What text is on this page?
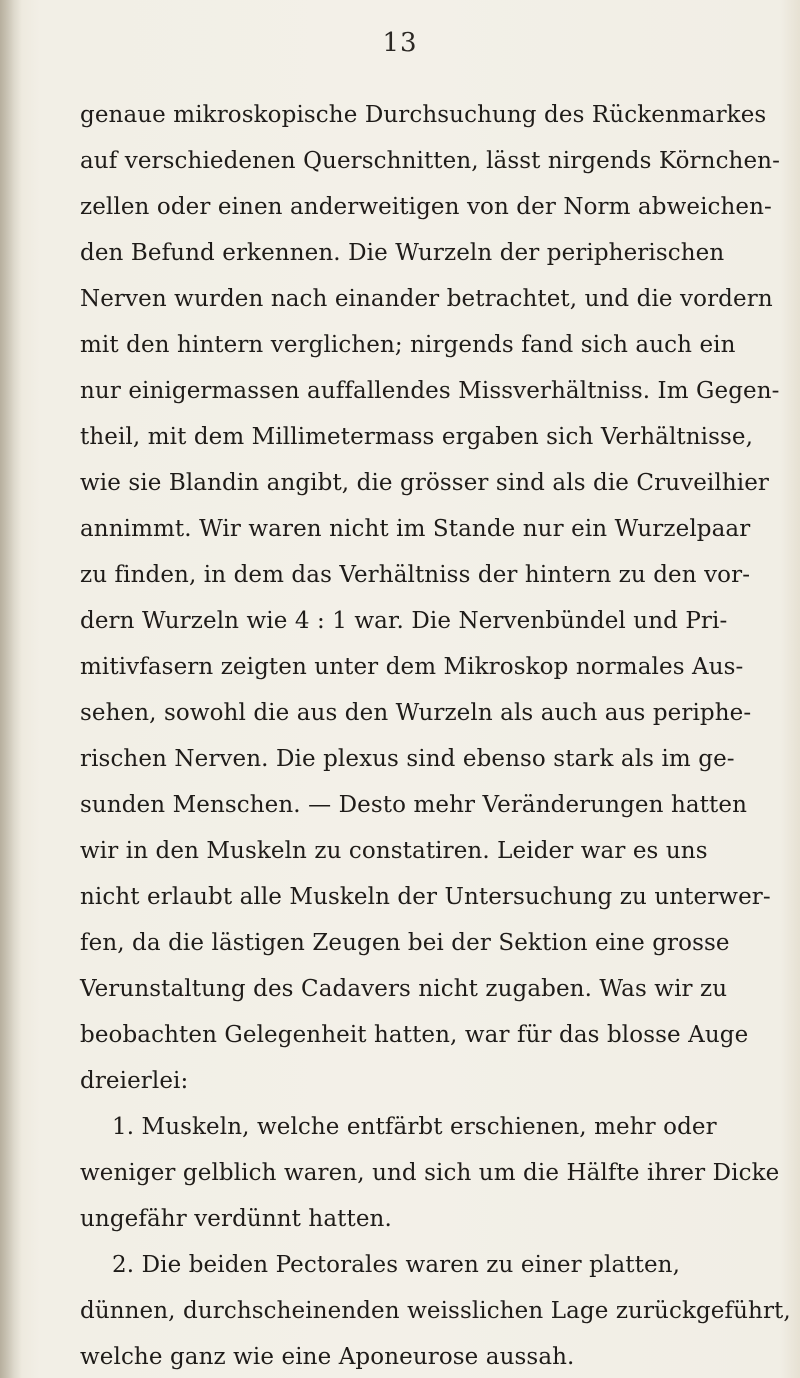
13
genaue mikroskopische Durchsuchung des Rückenmarkes
auf verschiedenen Querschnitten, lässt nirgends Körnchen-
zellen oder einen anderweitigen von der Norm abweichen-
den Befund erkennen. Die Wurzeln der peripherischen
Nerven wurden nach einander betrachtet, und die vordern
mit den hintern verglichen; nirgends fand sich auch ein
nur einigermassen auffallendes Missverhältniss. Im Gegen-
theil, mit dem Millimetermass ergaben sich Verhältnisse,
wie sie Blandin angibt, die grösser sind als die Cruveilhier
annimmt. Wir waren nicht im Stande nur ein Wurzelpaar
zu finden, in dem das Verhältniss der hintern zu den vor-
dern Wurzeln wie 4 : 1 war. Die Nervenbündel und Pri-
mitivfasern zeigten unter dem Mikroskop normales Aus-
sehen, sowohl die aus den Wurzeln als auch aus periphe-
rischen Nerven. Die plexus sind ebenso stark als im ge-
sunden Menschen. — Desto mehr Veränderungen hatten
wir in den Muskeln zu constatiren. Leider war es uns
nicht erlaubt alle Muskeln der Untersuchung zu unterwer-
fen, da die lästigen Zeugen bei der Sektion eine grosse
Verunstaltung des Cadavers nicht zugaben. Was wir zu
beobachten Gelegenheit hatten, war für das blosse Auge
dreierlei:
1. Muskeln, welche entfärbt erschienen, mehr oder
weniger gelblich waren, und sich um die Hälfte ihrer Dicke
ungefähr verdünnt hatten.
2. Die beiden Pectorales waren zu einer platten,
dünnen, durchscheinenden weisslichen Lage zurückgeführt,
welche ganz wie eine Aponeurose aussah.
